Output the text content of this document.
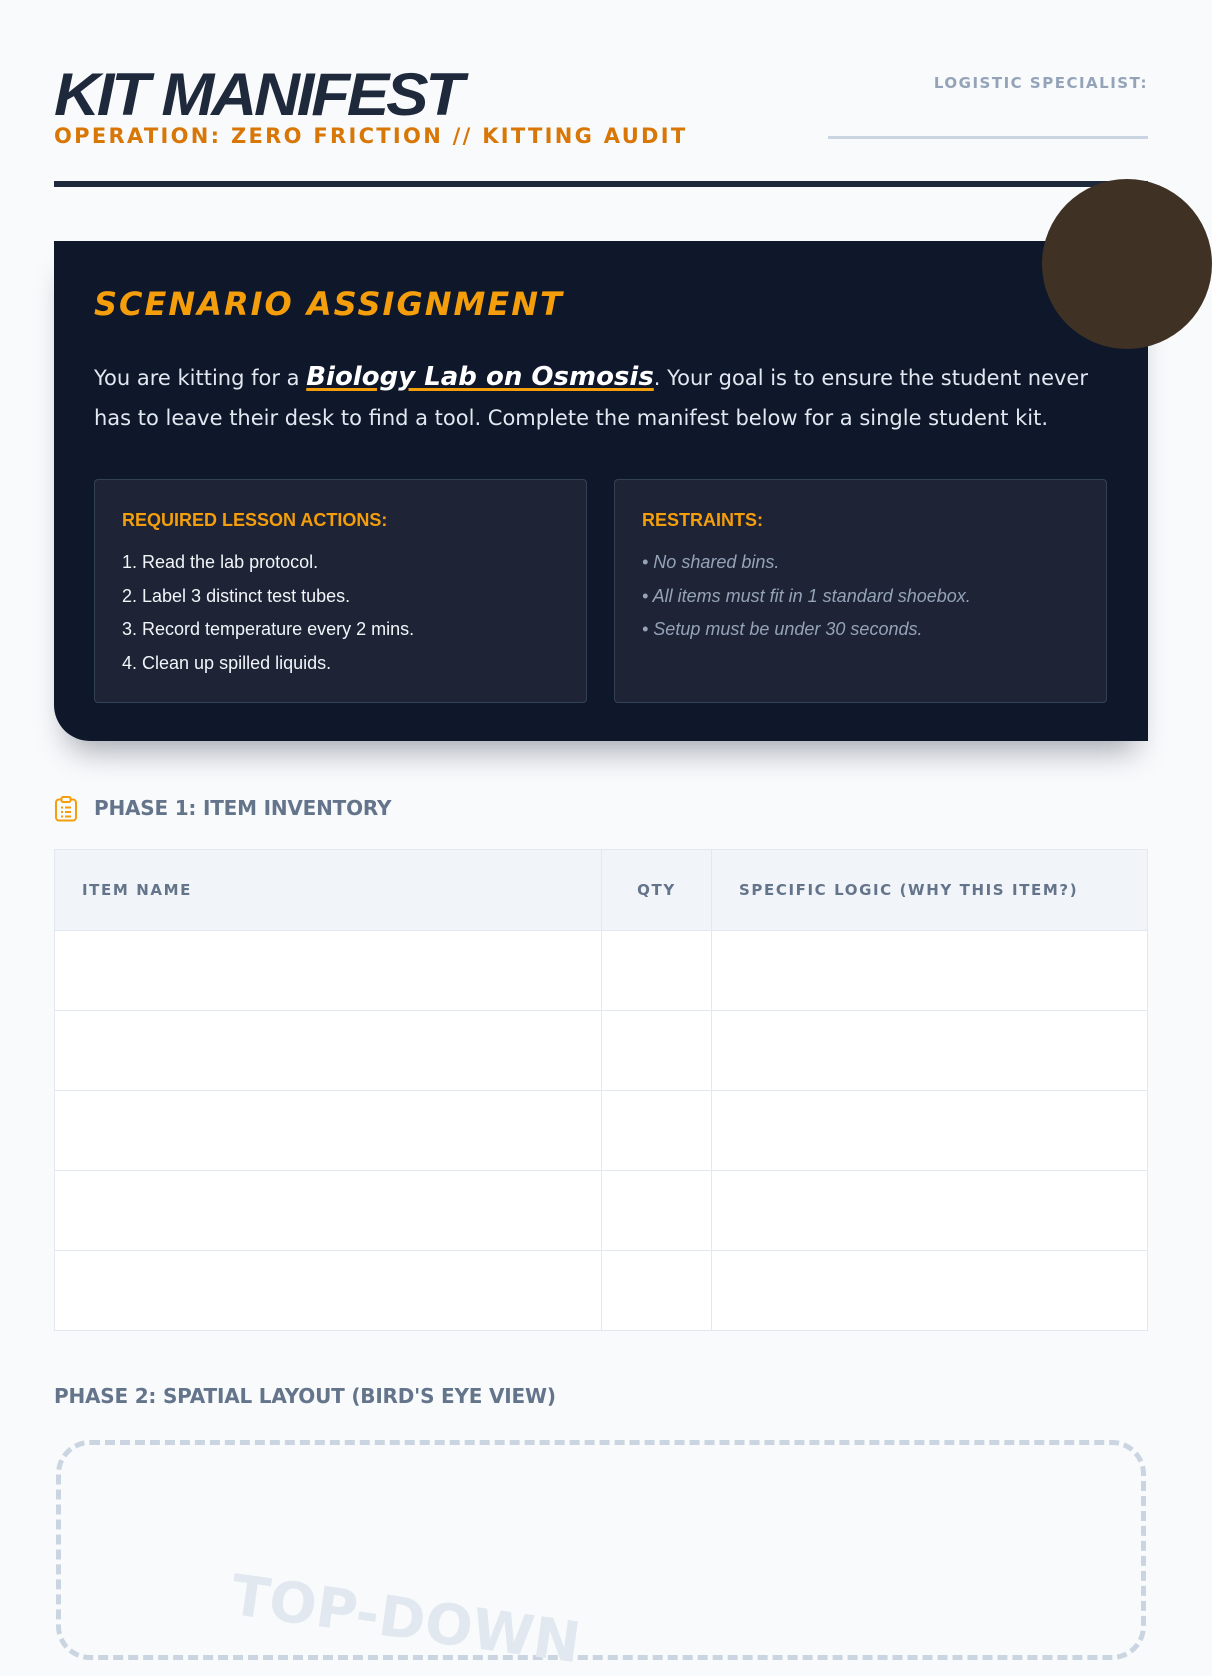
KIT MANIFEST
OPERATION: ZERO FRICTION // KITTING AUDIT
LOGISTIC SPECIALIST:
SCENARIO ASSIGNMENT
You are kitting for a Biology Lab on Osmosis. Your goal is to ensure the student never has to leave their desk to find a tool. Complete the manifest below for a single student kit.
REQUIRED LESSON ACTIONS:
1. Read the lab protocol.
2. Label 3 distinct test tubes.
3. Record temperature every 2 mins.
4. Clean up spilled liquids.
RESTRAINTS:
• No shared bins.
• All items must fit in 1 standard shoebox.
• Setup must be under 30 seconds.
PHASE 1: ITEM INVENTORY
ITEM NAME	QTY	SPECIFIC LOGIC (WHY THIS ITEM?)

PHASE 2: SPATIAL LAYOUT (BIRD'S EYE VIEW)
TOP-DOWN
